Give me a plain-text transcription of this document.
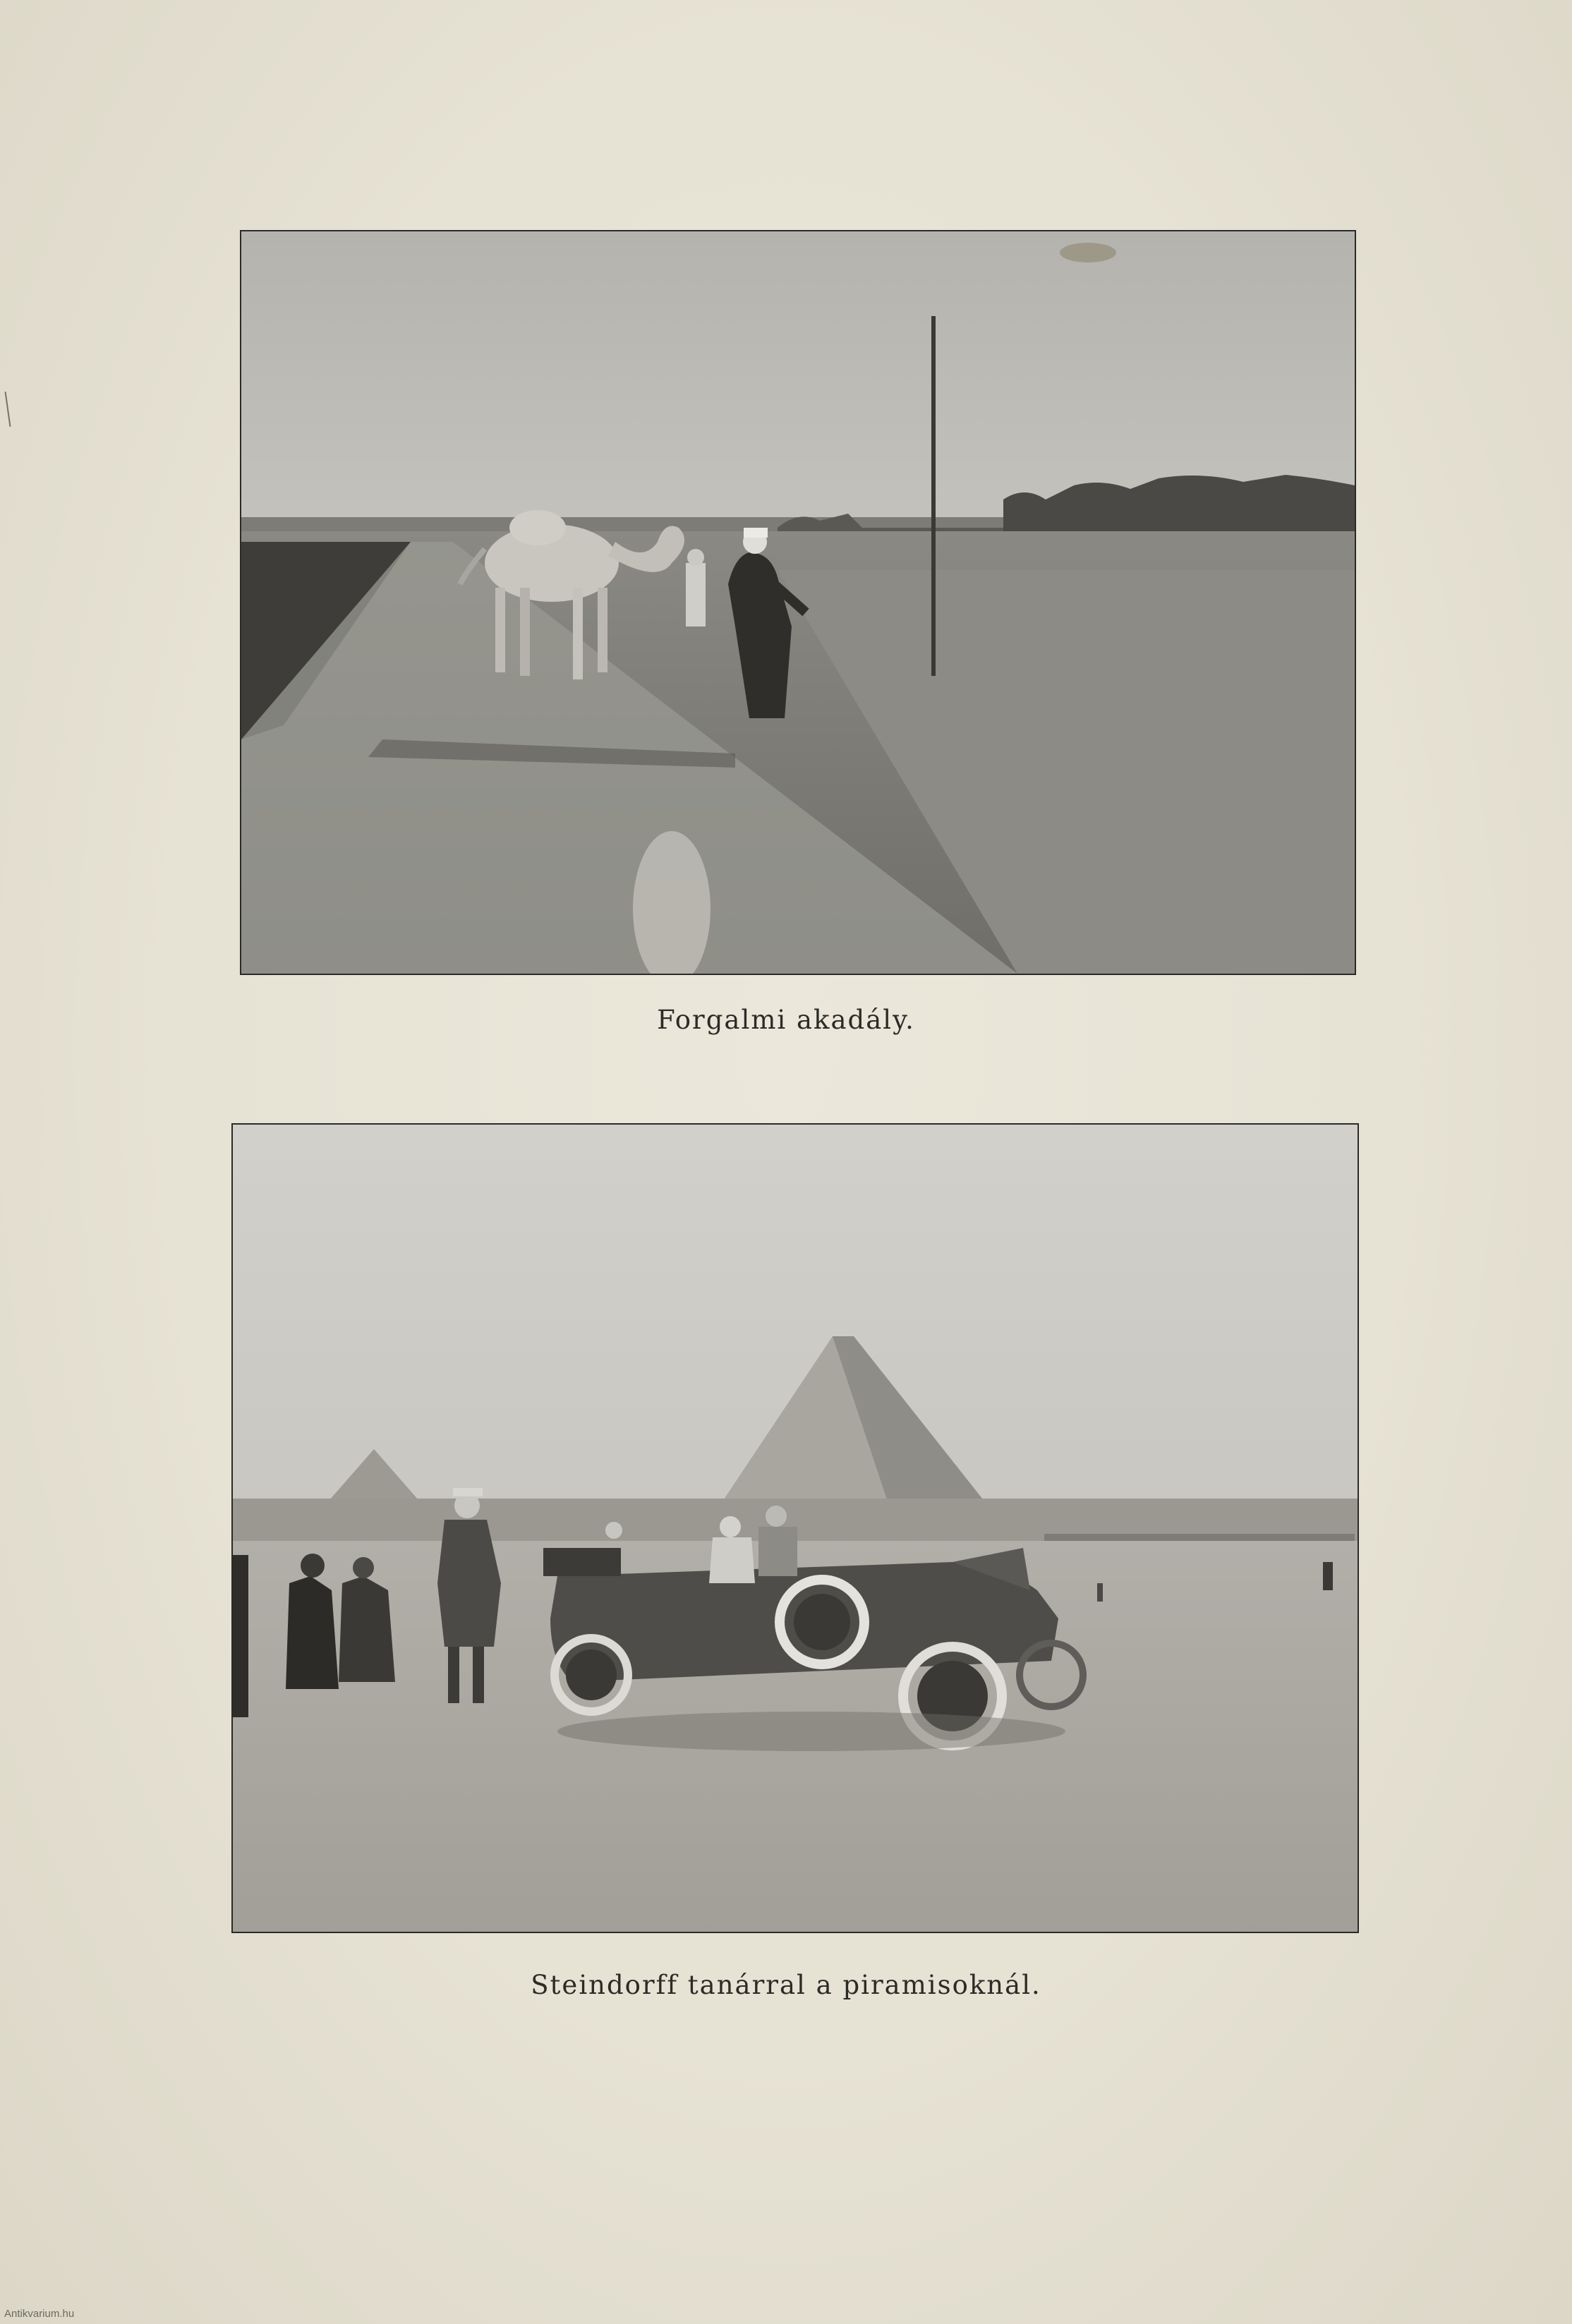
Forgalmi akadály.
Steindorff tanárral a piramisoknál.
Antikvarium.hu
